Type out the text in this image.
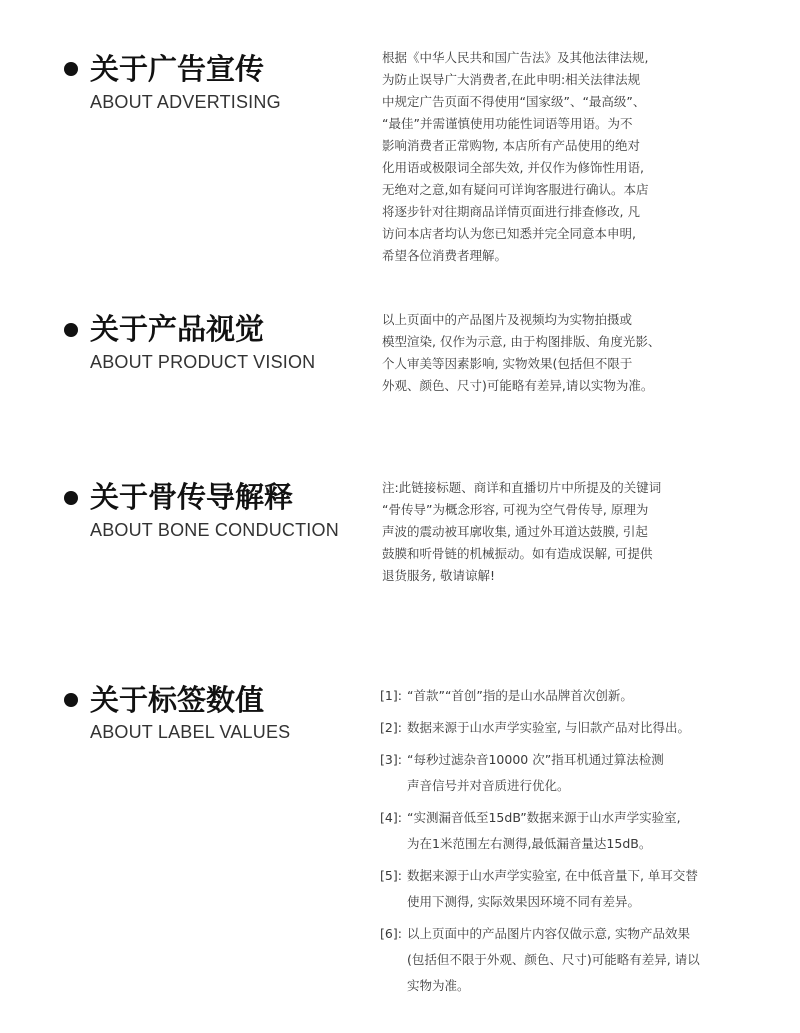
关于广告宣传
ABOUT ADVERTISING
根据《中华人民共和国广告法》及其他法律法规,
为防止误导广大消费者,在此申明:相关法律法规
中规定广告页面不得使用“国家级”、“最高级”、
“最佳”并需谨慎使用功能性词语等用语。为不
影响消费者正常购物, 本店所有产品使用的绝对
化用语或极限词全部失效, 并仅作为修饰性用语,
无绝对之意,如有疑问可详询客服进行确认。本店
将逐步针对往期商品详情页面进行排查修改, 凡
访问本店者均认为您已知悉并完全同意本申明,
希望各位消费者理解。
关于产品视觉
ABOUT PRODUCT VISION
以上页面中的产品图片及视频均为实物拍摄或
模型渲染, 仅作为示意, 由于构图排版、角度光影、
个人审美等因素影响, 实物效果(包括但不限于
外观、颜色、尺寸)可能略有差异,请以实物为准。
关于骨传导解释
ABOUT BONE CONDUCTION
注:此链接标题、商详和直播切片中所提及的关键词
“骨传导”为概念形容, 可视为空气骨传导, 原理为
声波的震动被耳廓收集, 通过外耳道达鼓膜, 引起
鼓膜和听骨链的机械振动。如有造成误解, 可提供
退货服务, 敬请谅解!
关于标签数值
ABOUT LABEL VALUES
[1]: “首款”“首创”指的是山水品牌首次创新。
[2]: 数据来源于山水声学实验室, 与旧款产品对比得出。
[3]: “每秒过滤杂音10000 次”指耳机通过算法检测
声音信号并对音质进行优化。
[4]: “实测漏音低至15dB”数据来源于山水声学实验室,
为在1米范围左右测得,最低漏音量达15dB。
[5]: 数据来源于山水声学实验室, 在中低音量下, 单耳交替
使用下测得, 实际效果因环境不同有差异。
[6]: 以上页面中的产品图片内容仅做示意, 实物产品效果
(包括但不限于外观、颜色、尺寸)可能略有差异, 请以
实物为准。
